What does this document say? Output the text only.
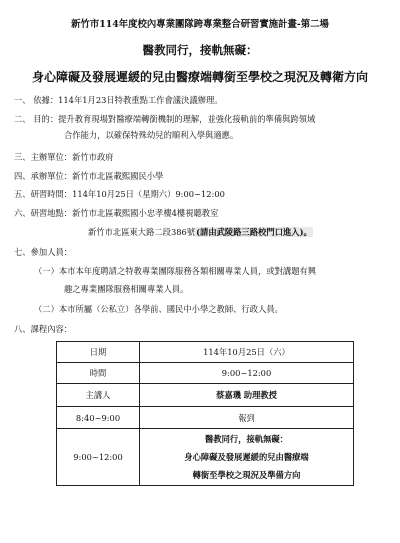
新竹市114年度校內專業團隊跨專業整合研習實施計畫-第二場
醫教同行，接軌無礙：
身心障礙及發展遲緩的兒由醫療端轉銜至學校之現況及轉衛方向
一、 依據：114年1月23日特教重點工作會議決議辦理。
二、 目的：提升教育現場對醫療端轉銜機制的理解，並強化接軌前的準備與跨領域
合作能力，以確保特殊幼兒的順利入學與適應。
三、主辦單位：新竹市政府
四、承辦單位：新竹市北區載熙國民小學
五、研習時間：114年10月25日（星期六）9:00~12:00
六、研習地點：新竹市北區載熙國小忠孝樓4樓視聽教室
新竹市北區東大路二段386號(請由武陵路三路校門口進入)。
七、參加人員：
（一）本市本年度聘請之特教專業團隊服務各類相關專業人員，或對講題有興
趣之專業團隊服務相關專業人員。
（二）本市所屬（公私立）各學前、國民中小學之教師、行政人員。
八、課程內容：
日期	114年10月25日（六）
時間	9:00~12:00
主講人	蔡嘉璣 助理教授
8:40~9:00	報到
9:00~12:00	醫教同行，接軌無礙：
身心障礙及發展遲緩的兒由醫療端
轉銜至學校之現況及準備方向
